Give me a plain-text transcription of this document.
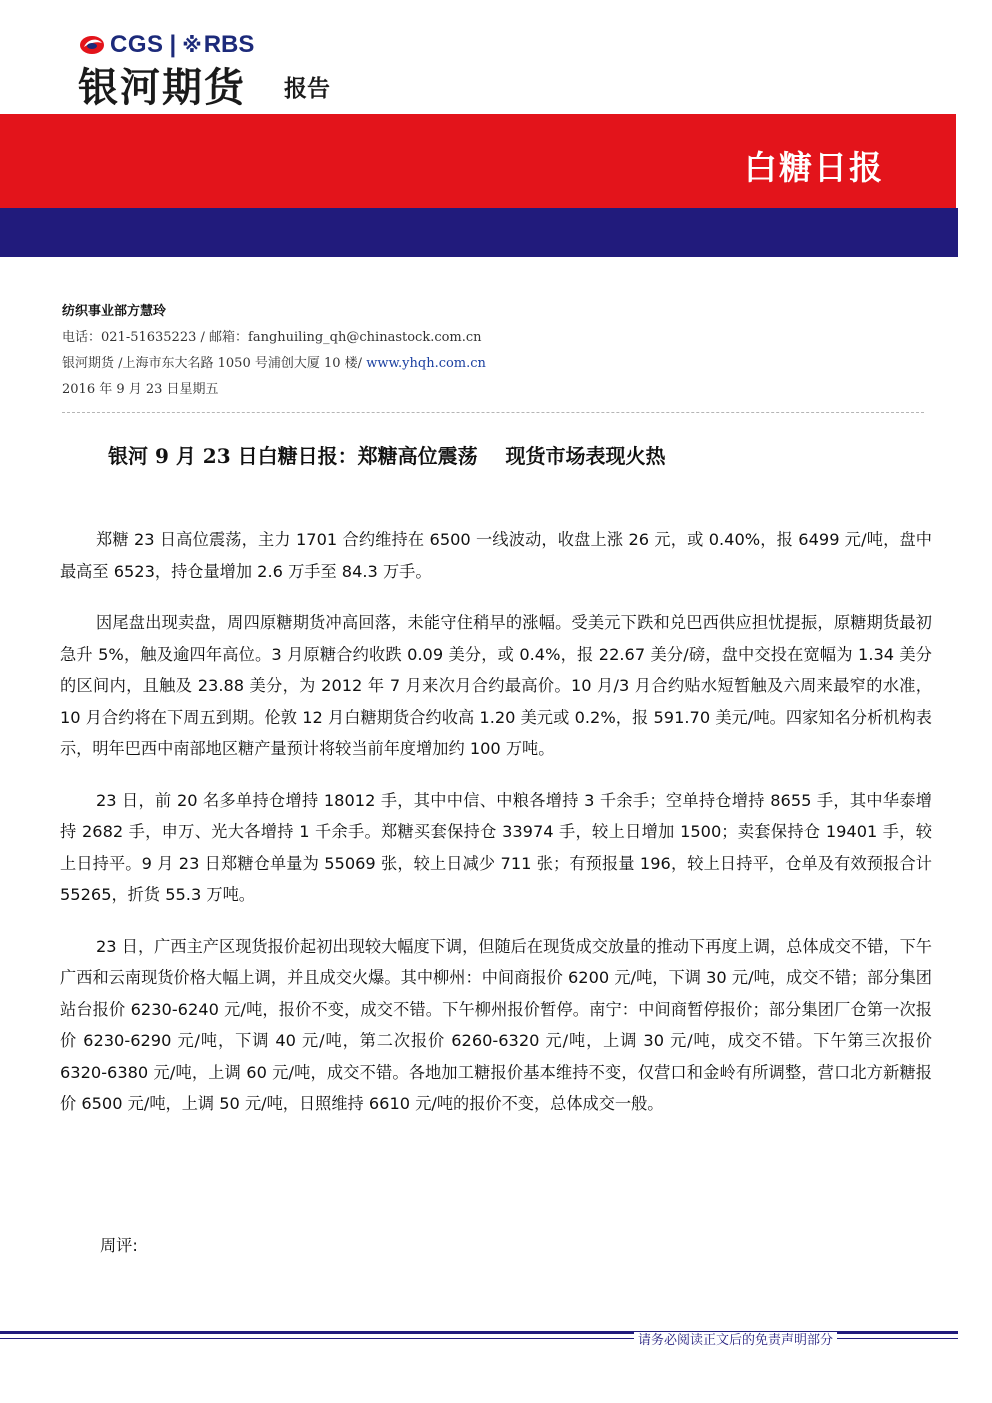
CGS | ※ RBS
银河期货 报告
白糖日报
纺织事业部方慧玲
电话：021-51635223 / 邮箱：fanghuiling_qh@chinastock.com.cn
银河期货 /上海市东大名路 1050 号浦创大厦 10 楼/ www.yhqh.com.cn
2016 年 9 月 23 日星期五
银河 9 月 23 日白糖日报：郑糖高位震荡    现货市场表现火热

郑糖 23 日高位震荡，主力 1701 合约维持在 6500 一线波动，收盘上涨 26 元，或 0.40%，报 6499 元/吨，盘中最高至 6523，持仓量增加 2.6 万手至 84.3 万手。

因尾盘出现卖盘，周四原糖期货冲高回落，未能守住稍早的涨幅。受美元下跌和兑巴西供应担忧提振，原糖期货最初急升 5%，触及逾四年高位。3 月原糖合约收跌 0.09 美分，或 0.4%，报 22.67 美分/磅，盘中交投在宽幅为 1.34 美分的区间内，且触及 23.88 美分，为 2012 年 7 月来次月合约最高价。10 月/3 月合约贴水短暂触及六周来最窄的水准，10 月合约将在下周五到期。伦敦 12 月白糖期货合约收高 1.20 美元或 0.2%，报 591.70 美元/吨。四家知名分析机构表示，明年巴西中南部地区糖产量预计将较当前年度增加约 100 万吨。

23 日，前 20 名多单持仓增持 18012 手，其中中信、中粮各增持 3 千余手；空单持仓增持 8655 手，其中华泰增持 2682 手，申万、光大各增持 1 千余手。郑糖买套保持仓 33974 手，较上日增加 1500；卖套保持仓 19401 手，较上日持平。9 月 23 日郑糖仓单量为 55069 张，较上日减少 711 张；有预报量 196，较上日持平，仓单及有效预报合计 55265，折货 55.3 万吨。

23 日，广西主产区现货报价起初出现较大幅度下调，但随后在现货成交放量的推动下再度上调，总体成交不错，下午广西和云南现货价格大幅上调，并且成交火爆。其中柳州：中间商报价 6200 元/吨，下调 30 元/吨，成交不错；部分集团站台报价 6230-6240 元/吨，报价不变，成交不错。下午柳州报价暂停。南宁：中间商暂停报价；部分集团厂仓第一次报价 6230-6290 元/吨，下调 40 元/吨，第二次报价 6260-6320 元/吨，上调 30 元/吨，成交不错。下午第三次报价 6320-6380 元/吨，上调 60 元/吨，成交不错。各地加工糖报价基本维持不变，仅营口和金岭有所调整，营口北方新糖报价 6500 元/吨，上调 50 元/吨，日照维持 6610 元/吨的报价不变，总体成交一般。

周评:
请务必阅读正文后的免责声明部分
